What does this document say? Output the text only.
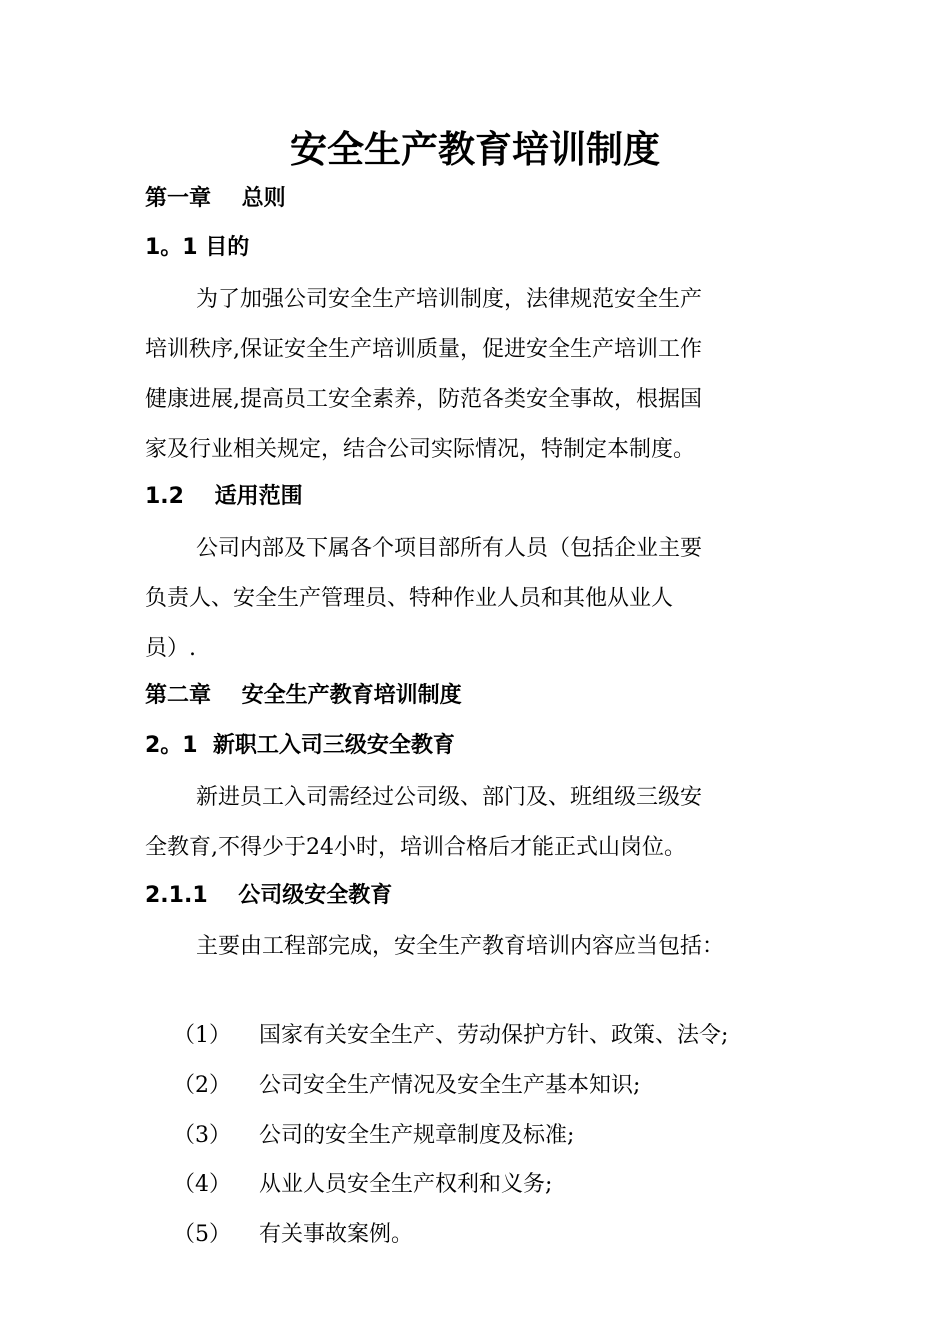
安全生产教育培训制度
第一章    总则
1。1 目的
为了加强公司安全生产培训制度，法律规范安全生产
培训秩序,保证安全生产培训质量，促进安全生产培训工作
健康进展,提高员工安全素养，防范各类安全事故，根据国
家及行业相关规定，结合公司实际情况，特制定本制度。
1.2    适用范围
公司内部及下属各个项目部所有人员（包括企业主要
负责人、安全生产管理员、特种作业人员和其他从业人
员）.
第二章    安全生产教育培训制度
2。1  新职工入司三级安全教育
新进员工入司需经过公司级、部门及、班组级三级安
全教育,不得少于24小时，培训合格后才能正式山岗位。
2.1.1    公司级安全教育
主要由工程部完成，安全生产教育培训内容应当包括：

（1） 国家有关安全生产、劳动保护方针、政策、法令;

（2） 公司安全生产情况及安全生产基本知识;

（3） 公司的安全生产规章制度及标准;

（4） 从业人员安全生产权利和义务;

（5） 有关事故案例。
